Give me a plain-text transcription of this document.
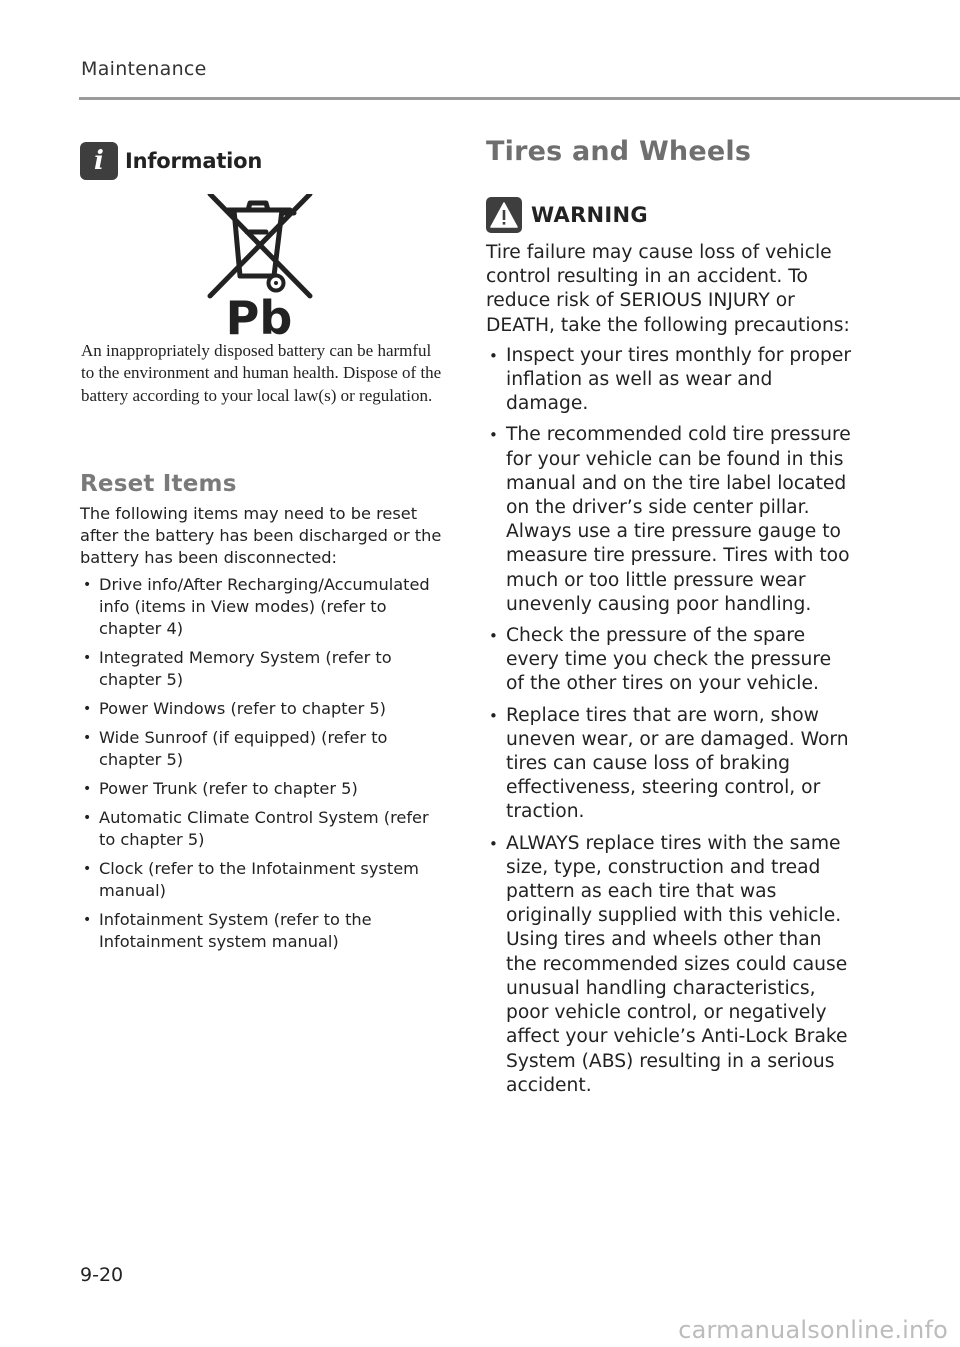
Maintenance
i	Information
Pb

An inappropriately disposed battery can be harmful to the environment and human health. Dispose of the battery according to your local law(s) or regulation.

Reset Items

The following items may need to be reset after the battery has been discharged or the battery has been disconnected:

• Drive info/After Recharging/Accumulated info (items in View modes) (refer to chapter 4)
• Integrated Memory System (refer to chapter 5)
• Power Windows (refer to chapter 5)
• Wide Sunroof (if equipped) (refer to chapter 5)
• Power Trunk (refer to chapter 5)
• Automatic Climate Control System (refer to chapter 5)
• Clock (refer to the Infotainment system manual)
• Infotainment System (refer to the Infotainment system manual)
Tires and Wheels
WARNING

Tire failure may cause loss of vehicle control resulting in an accident. To reduce risk of SERIOUS INJURY or DEATH, take the following precautions:

• Inspect your tires monthly for proper inflation as well as wear and damage.
• The recommended cold tire pressure for your vehicle can be found in this manual and on the tire label located on the driver’s side center pillar. Always use a tire pressure gauge to measure tire pressure. Tires with too much or too little pressure wear unevenly causing poor handling.
• Check the pressure of the spare every time you check the pressure of the other tires on your vehicle.
• Replace tires that are worn, show uneven wear, or are damaged. Worn tires can cause loss of braking effectiveness, steering control, or traction.
• ALWAYS replace tires with the same size, type, construction and tread pattern as each tire that was originally supplied with this vehicle. Using tires and wheels other than the recommended sizes could cause unusual handling characteristics, poor vehicle control, or negatively affect your vehicle’s Anti-Lock Brake System (ABS) resulting in a serious accident.
9-20
carmanualsonline.info
